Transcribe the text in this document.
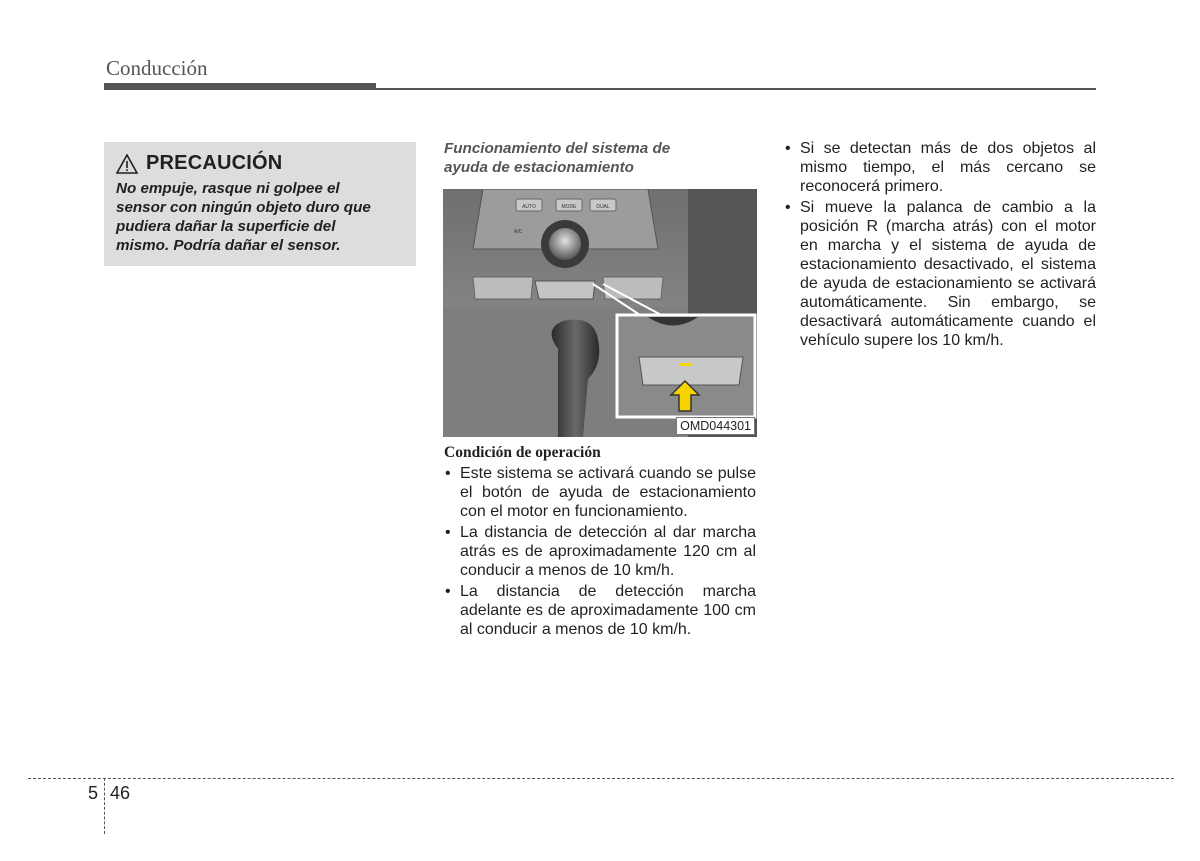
Conducción
PRECAUCIÓN
No empuje, rasque ni golpee el
sensor con ningún objeto duro que
pudiera dañar la superficie del
mismo. Podría dañar el sensor.
Funcionamiento del sistema de
ayuda de estacionamiento
AUTO	MODE	DUAL
A/C
OMD044301
Condición de operación
• Este sistema se activará cuando se pulse el botón de ayuda de estacionamiento con el motor en funcionamiento.
• La distancia de detección al dar marcha atrás es de aproximadamente 120 cm al conducir a menos de 10 km/h.
• La distancia de detección marcha adelante es de aproximadamente 100 cm al conducir a menos de 10 km/h.
• Si se detectan más de dos objetos al mismo tiempo, el más cercano se reconocerá primero.
• Si mueve la palanca de cambio a la posición R (marcha atrás) con el motor en marcha y el sistema de ayuda de estacionamiento desactivado, el sistema de ayuda de estacionamiento se activará automáticamente. Sin embargo, se desactivará automáticamente cuando el vehículo supere los 10 km/h.
5 46
